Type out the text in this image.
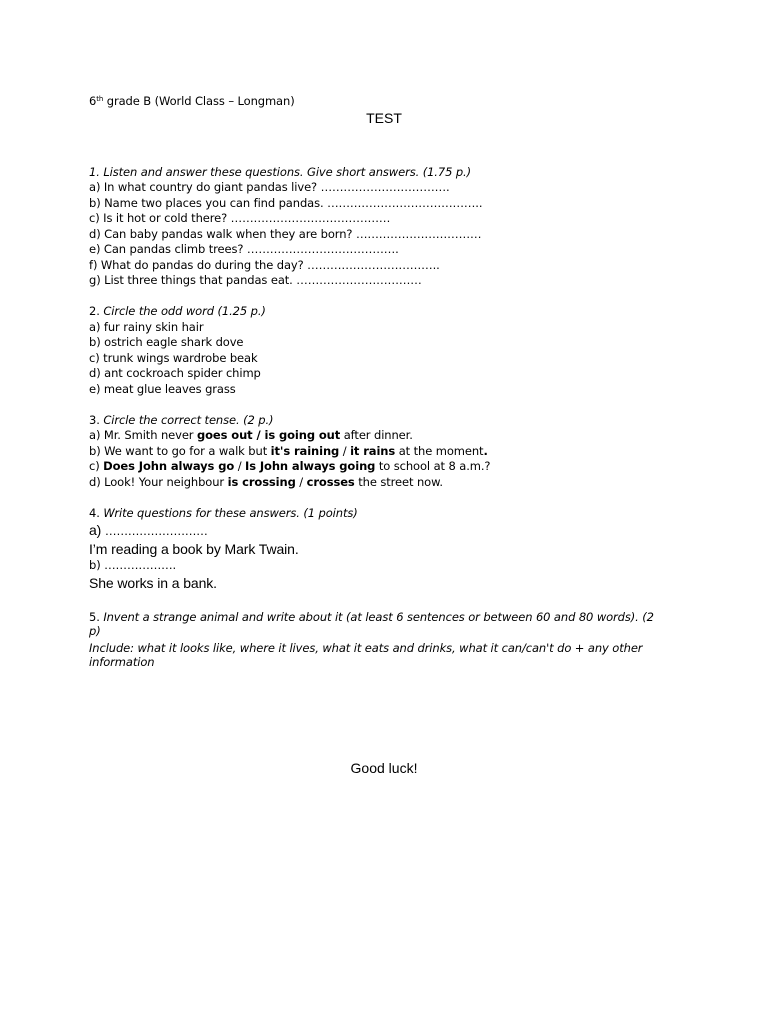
6th grade B (World Class – Longman)
TEST
1. Listen and answer these questions. Give short answers. (1.75 p.)
a) In what country do giant pandas live? …………………………….
b) Name two places you can find pandas. …………………………………..
c) Is it hot or cold there? ……………………………………
d) Can baby pandas walk when they are born? ……………………………
e) Can pandas climb trees? ………………………………….
f) What do pandas do during the day? ……………………………..
g) List three things that pandas eat. ……………………………
2. Circle the odd word (1.25 p.)
a) fur rainy skin hair
b) ostrich eagle shark dove
c) trunk wings wardrobe beak
d) ant cockroach spider chimp
e) meat glue leaves grass
3. Circle the correct tense. (2 p.)
a) Mr. Smith never goes out / is going out after dinner.
b) We want to go for a walk but it's raining / it rains at the moment.
c) Does John always go / Is John always going to school at 8 a.m.?
d) Look! Your neighbour is crossing / crosses the street now.
4. Write questions for these answers. (1 points)
a) ………………………
I’m reading a book by Mark Twain.
b) ……………….
She works in a bank.
5. Invent a strange animal and write about it (at least 6 sentences or between 60 and 80 words). (2 p)
Include: what it looks like, where it lives, what it eats and drinks, what it can/can't do + any other information
Good luck!
